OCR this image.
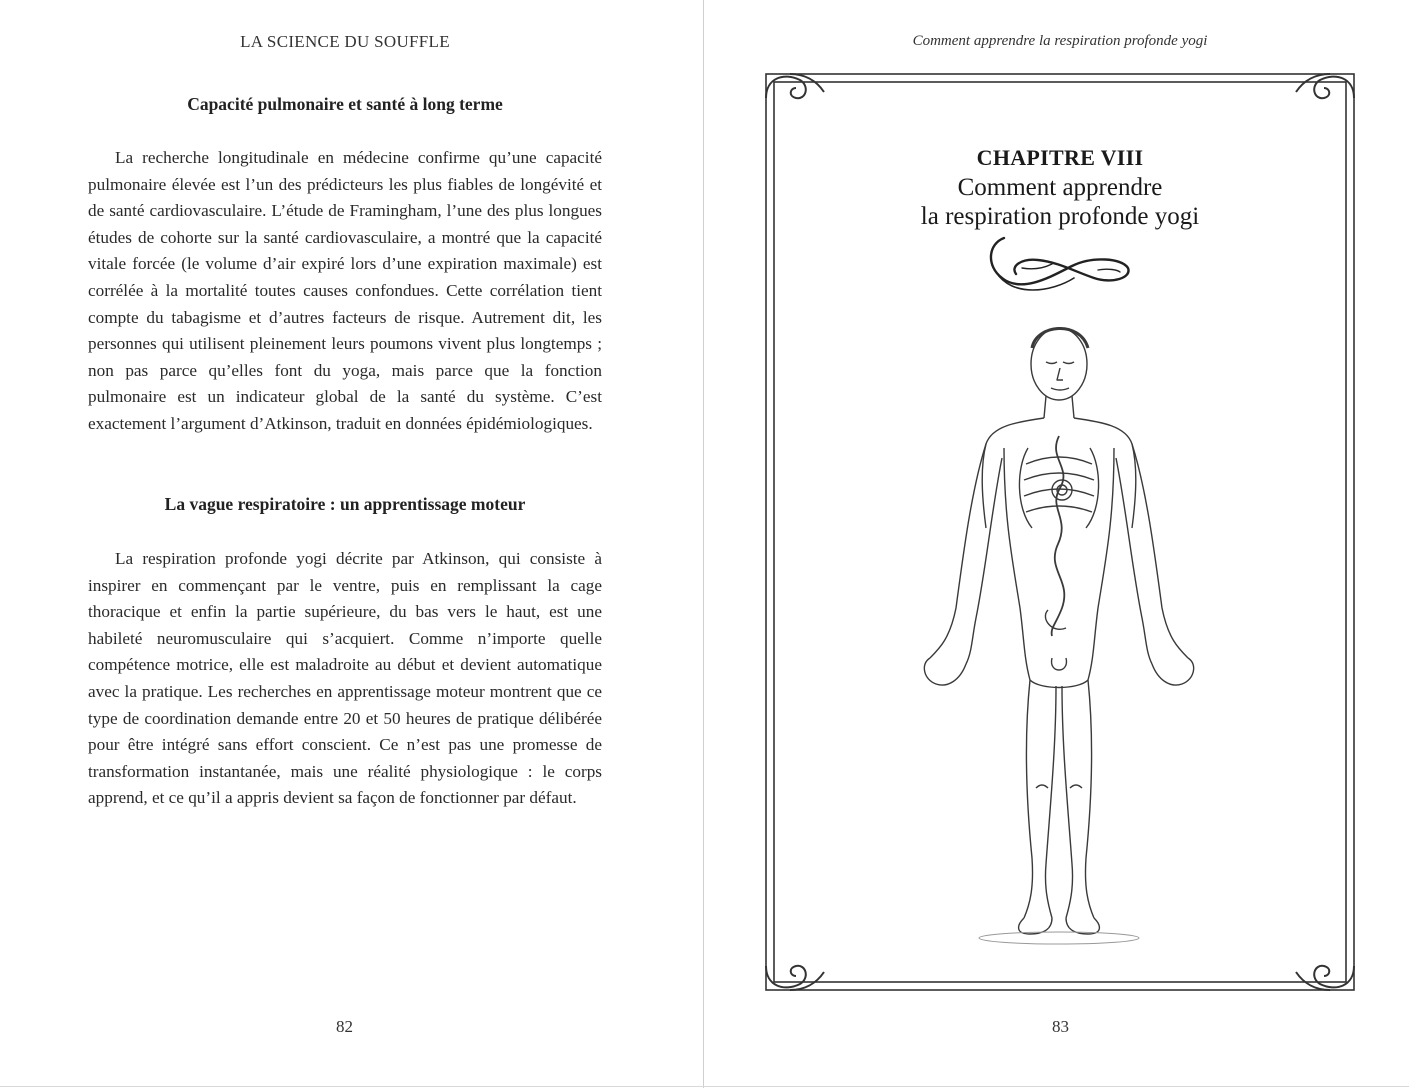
LA SCIENCE DU SOUFFLE
Capacité pulmonaire et santé à long terme

La recherche longitudinale en médecine confirme qu’une capacité pulmonaire élevée est l’un des prédicteurs les plus fiables de longévité et de santé cardiovasculaire. L’étude de Framingham, l’une des plus longues études de cohorte sur la santé cardiovasculaire, a montré que la capacité vitale forcée (le volume d’air expiré lors d’une expiration maximale) est corrélée à la mortalité toutes causes confondues. Cette corrélation tient compte du tabagisme et d’autres facteurs de risque. Autrement dit, les personnes qui utilisent pleinement leurs poumons vivent plus longtemps ; non pas parce qu’elles font du yoga, mais parce que la fonction pulmonaire est un indicateur global de la santé du système. C’est exactement l’argument d’Atkinson, traduit en données épidémiologiques.

La vague respiratoire : un apprentissage moteur

La respiration profonde yogi décrite par Atkinson, qui consiste à inspirer en commençant par le ventre, puis en remplissant la cage thoracique et enfin la partie supérieure, du bas vers le haut, est une habileté neuromusculaire qui s’acquiert. Comme n’importe quelle compétence motrice, elle est maladroite au début et devient automatique avec la pratique. Les recherches en apprentissage moteur montrent que ce type de coordination demande entre 20 et 50 heures de pratique délibérée pour être intégré sans effort conscient. Ce n’est pas une promesse de transformation instantanée, mais une réalité physiologique : le corps apprend, et ce qu’il a appris devient sa façon de fonctionner par défaut.

82
Comment apprendre la respiration profonde yogi
CHAPITRE VIII
Comment apprendre
la respiration profonde yogi
83
